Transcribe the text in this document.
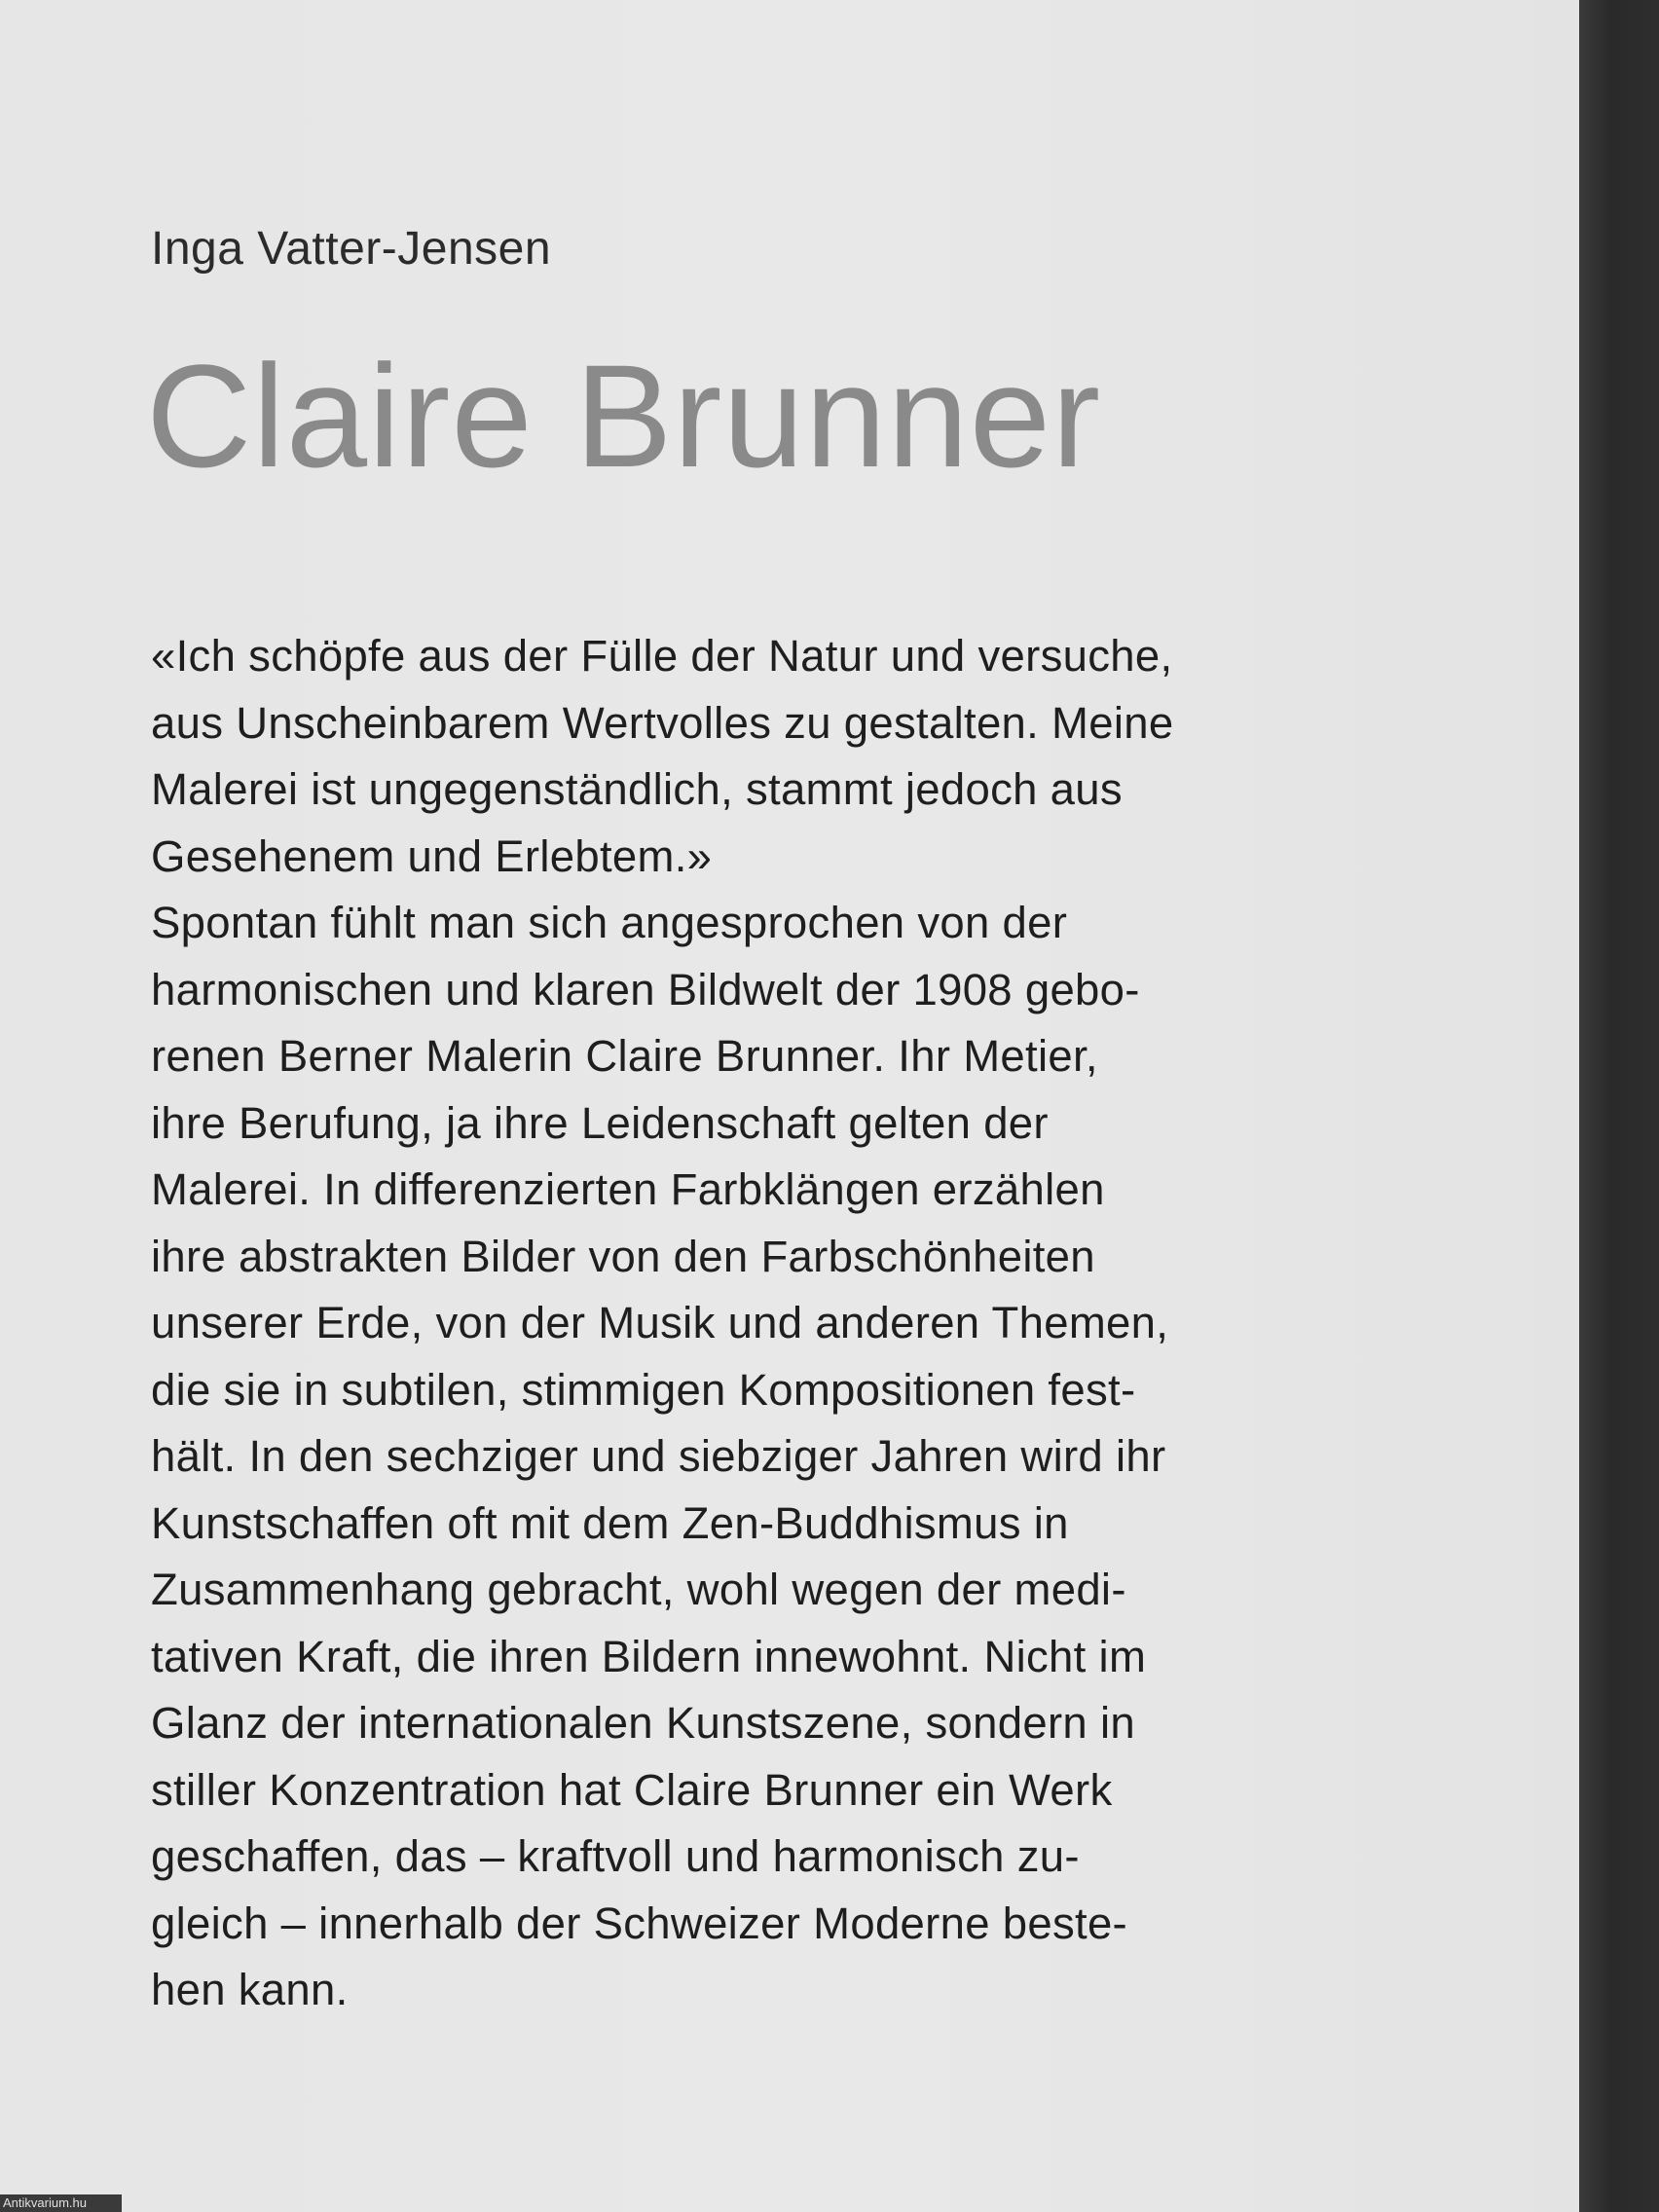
Inga Vatter-Jensen
Claire Brunner
«Ich schöpfe aus der Fülle der Natur und versuche,
aus Unscheinbarem Wertvolles zu gestalten. Meine
Malerei ist ungegenständlich, stammt jedoch aus
Gesehenem und Erlebtem.»
Spontan fühlt man sich angesprochen von der
harmonischen und klaren Bildwelt der 1908 gebo-
renen Berner Malerin Claire Brunner. Ihr Metier,
ihre Berufung, ja ihre Leidenschaft gelten der
Malerei. In differenzierten Farbklängen erzählen
ihre abstrakten Bilder von den Farbschönheiten
unserer Erde, von der Musik und anderen Themen,
die sie in subtilen, stimmigen Kompositionen fest-
hält. In den sechziger und siebziger Jahren wird ihr
Kunstschaffen oft mit dem Zen-Buddhismus in
Zusammenhang gebracht, wohl wegen der medi-
tativen Kraft, die ihren Bildern innewohnt. Nicht im
Glanz der internationalen Kunstszene, sondern in
stiller Konzentration hat Claire Brunner ein Werk
geschaffen, das – kraftvoll und harmonisch zu-
gleich – innerhalb der Schweizer Moderne beste-
hen kann.
Antikvarium.hu
